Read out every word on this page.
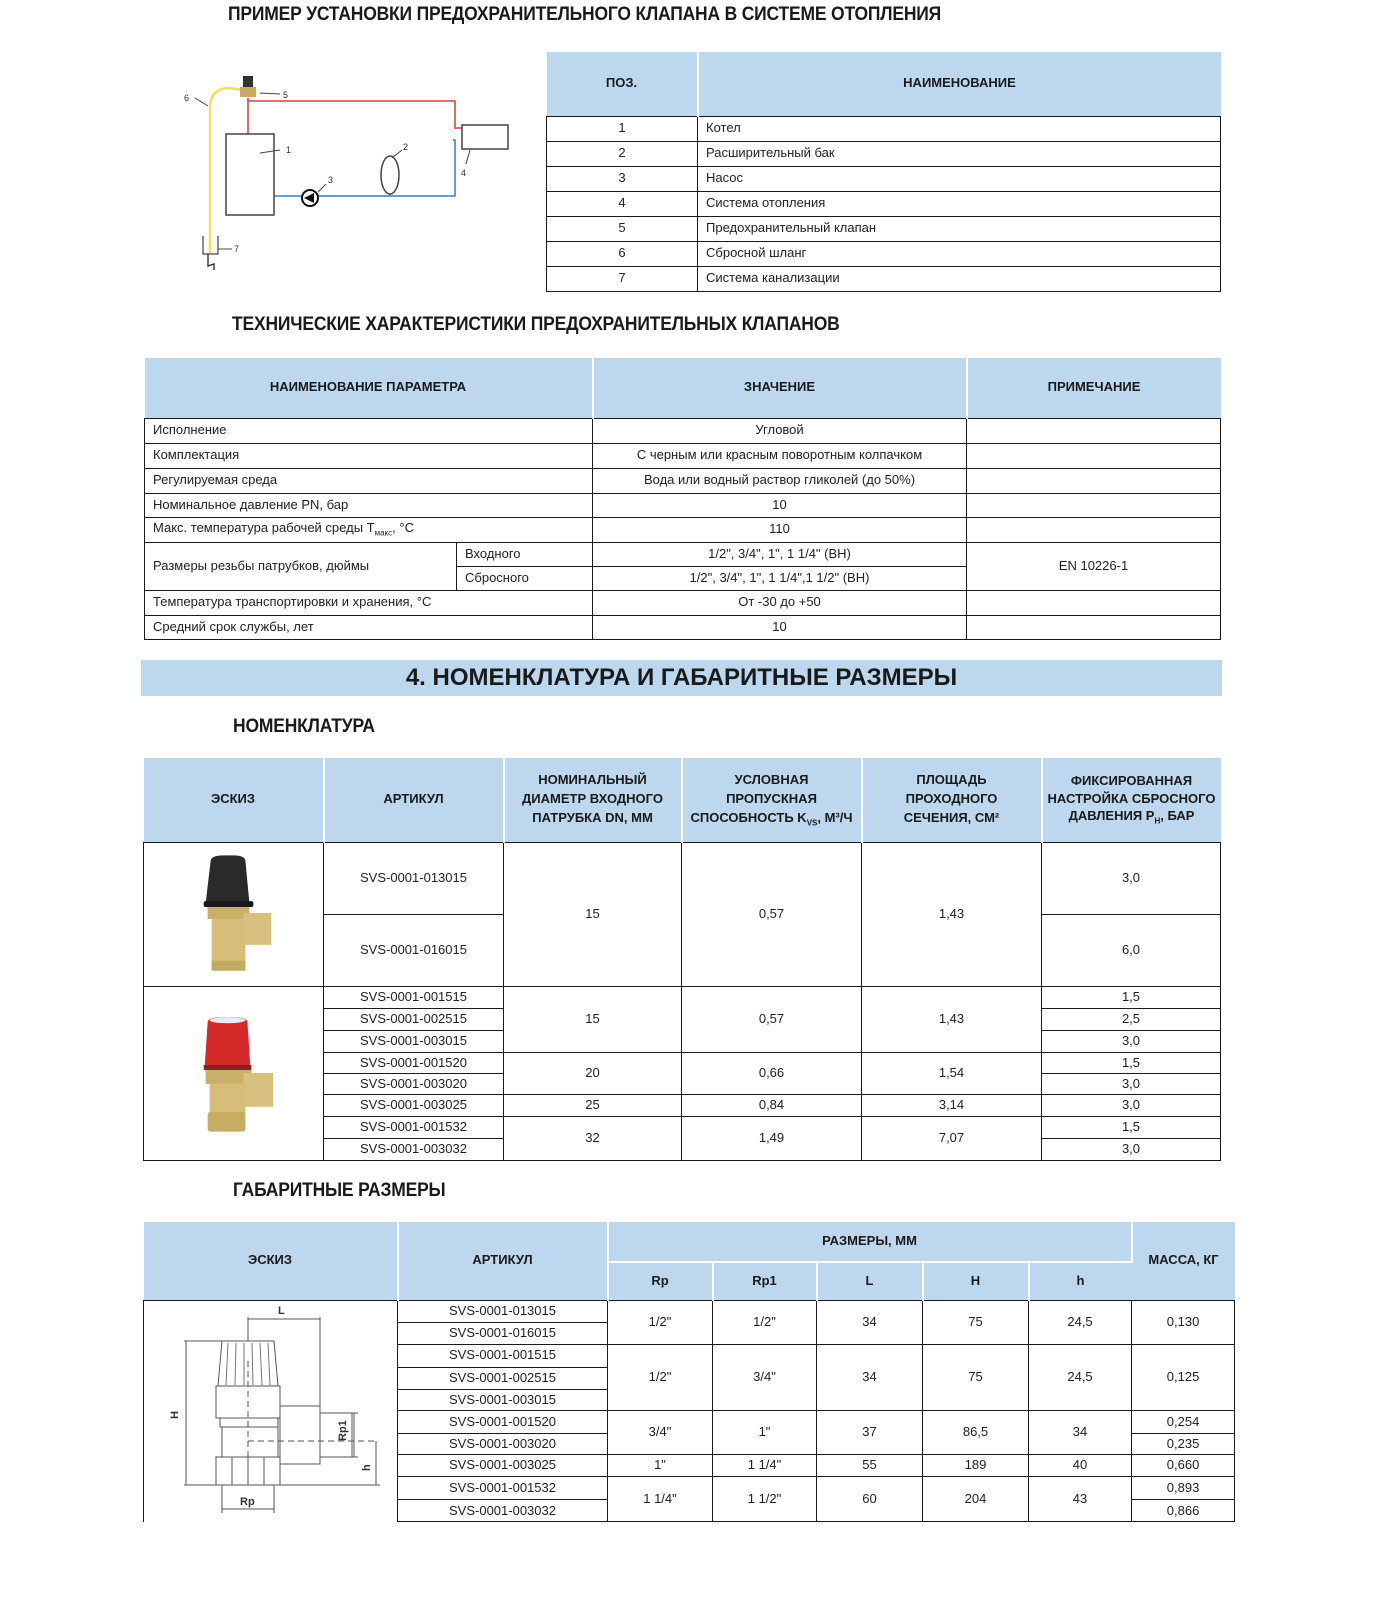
ПРИМЕР УСТАНОВКИ ПРЕДОХРАНИТЕЛЬНОГО КЛАПАНА В СИСТЕМЕ ОТОПЛЕНИЯ
1	2
3
4
5
6
7
ПОЗ.	НАИМЕНОВАНИЕ
1	Котел
2	Расширительный бак
3	Насос
4	Система отопления
5	Предохранительный клапан
6	Сбросной шланг
7	Система канализации
ТЕХНИЧЕСКИЕ ХАРАКТЕРИСТИКИ ПРЕДОХРАНИТЕЛЬНЫХ КЛАПАНОВ
НАИМЕНОВАНИЕ ПАРАМЕТРА		ЗНАЧЕНИЕ	ПРИМЕЧАНИЕ
Исполнение		Угловой	
Комплектация		С черным или красным поворотным колпачком	
Регулируемая среда		Вода или водный раствор гликолей (до 50%)	
Номинальное давление PN, бар		10	
Макс. температура рабочей среды $T_{макс}$, °С		110	
Размеры резьбы патрубков, дюймы	Входного	1/2", 3/4", 1", 1 1/4" (ВН)	EN 10226-1
	Сбросного	1/2", 3/4", 1", 1 1/4",1 1/2" (ВН)	
Температура транспортировки и хранения, °С		От -30 до +50	
Средний срок службы, лет		10	
4. НОМЕНКЛАТУРА И ГАБАРИТНЫЕ РАЗМЕРЫ
НОМЕНКЛАТУРА
ЭСКИЗ	АРТИКУЛ	НОМИНАЛЬНЫЙ ДИАМЕТР ВХОДНОГО ПАТРУБКА DN, ММ	УСЛОВНАЯ ПРОПУСКНАЯ СПОСОБНОСТЬ $K_{VS}$, М³/Ч	ПЛОЩАДЬ ПРОХОДНОГО СЕЧЕНИЯ, СМ²	ФИКСИРОВАННАЯ НАСТРОЙКА СБРОСНОГО ДАВЛЕНИЯ $P_Н$, БАР
	SVS-0001-013015	15	0,57	1,43	3,0
	SVS-0001-016015				6,0
	SVS-0001-001515	15	0,57	1,43	1,5
	SVS-0001-002515				2,5
	SVS-0001-003015				3,0
	SVS-0001-001520	20	0,66	1,54	1,5
	SVS-0001-003020				3,0
	SVS-0001-003025	25	0,84	3,14	3,0
	SVS-0001-001532	32	1,49	7,07	1,5
	SVS-0001-003032				3,0
ГАБАРИТНЫЕ РАЗМЕРЫ
ЭСКИЗ	АРТИКУЛ	РАЗМЕРЫ, ММ					МАССА, КГ
		Rp	Rp1	L	H	h	

L
H
Rp1
h
Rp	SVS-0001-013015	1/2"	1/2"	34	75	24,5	0,130
	SVS-0001-016015						
	SVS-0001-001515	1/2"	3/4"	34	75	24,5	0,125
	SVS-0001-002515						
	SVS-0001-003015						
	SVS-0001-001520	3/4"	1"	37	86,5	34	0,254
	SVS-0001-003020						0,235
	SVS-0001-003025	1"	1 1/4"	55	189	40	0,660
	SVS-0001-001532	1 1/4"	1 1/2"	60	204	43	0,893
	SVS-0001-003032						0,866
